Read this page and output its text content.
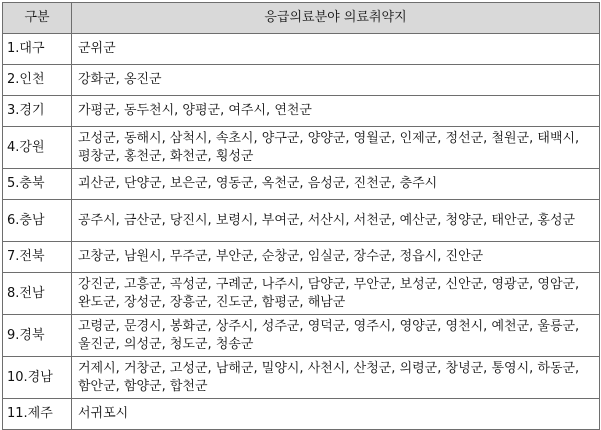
구분	응급의료분야 의료취약지
1.대구	군위군
2.인천	강화군, 옹진군
3.경기	가평군, 동두천시, 양평군, 여주시, 연천군
4.강원	고성군, 동해시, 삼척시, 속초시, 양구군, 양양군, 영월군, 인제군, 정선군, 철원군, 태백시, 평창군, 홍천군, 화천군, 횡성군
5.충북	괴산군, 단양군, 보은군, 영동군, 옥천군, 음성군, 진천군, 충주시
6.충남	공주시, 금산군, 당진시, 보령시, 부여군, 서산시, 서천군, 예산군, 청양군, 태안군, 홍성군
7.전북	고창군, 남원시, 무주군, 부안군, 순창군, 임실군, 장수군, 정읍시, 진안군
8.전남	강진군, 고흥군, 곡성군, 구례군, 나주시, 담양군, 무안군, 보성군, 신안군, 영광군, 영암군, 완도군, 장성군, 장흥군, 진도군, 함평군, 해남군
9.경북	고령군, 문경시, 봉화군, 상주시, 성주군, 영덕군, 영주시, 영양군, 영천시, 예천군, 울릉군, 울진군, 의성군, 청도군, 청송군
10.경남	거제시, 거창군, 고성군, 남해군, 밀양시, 사천시, 산청군, 의령군, 창녕군, 통영시, 하동군, 함안군, 함양군, 합천군
11.제주	서귀포시
